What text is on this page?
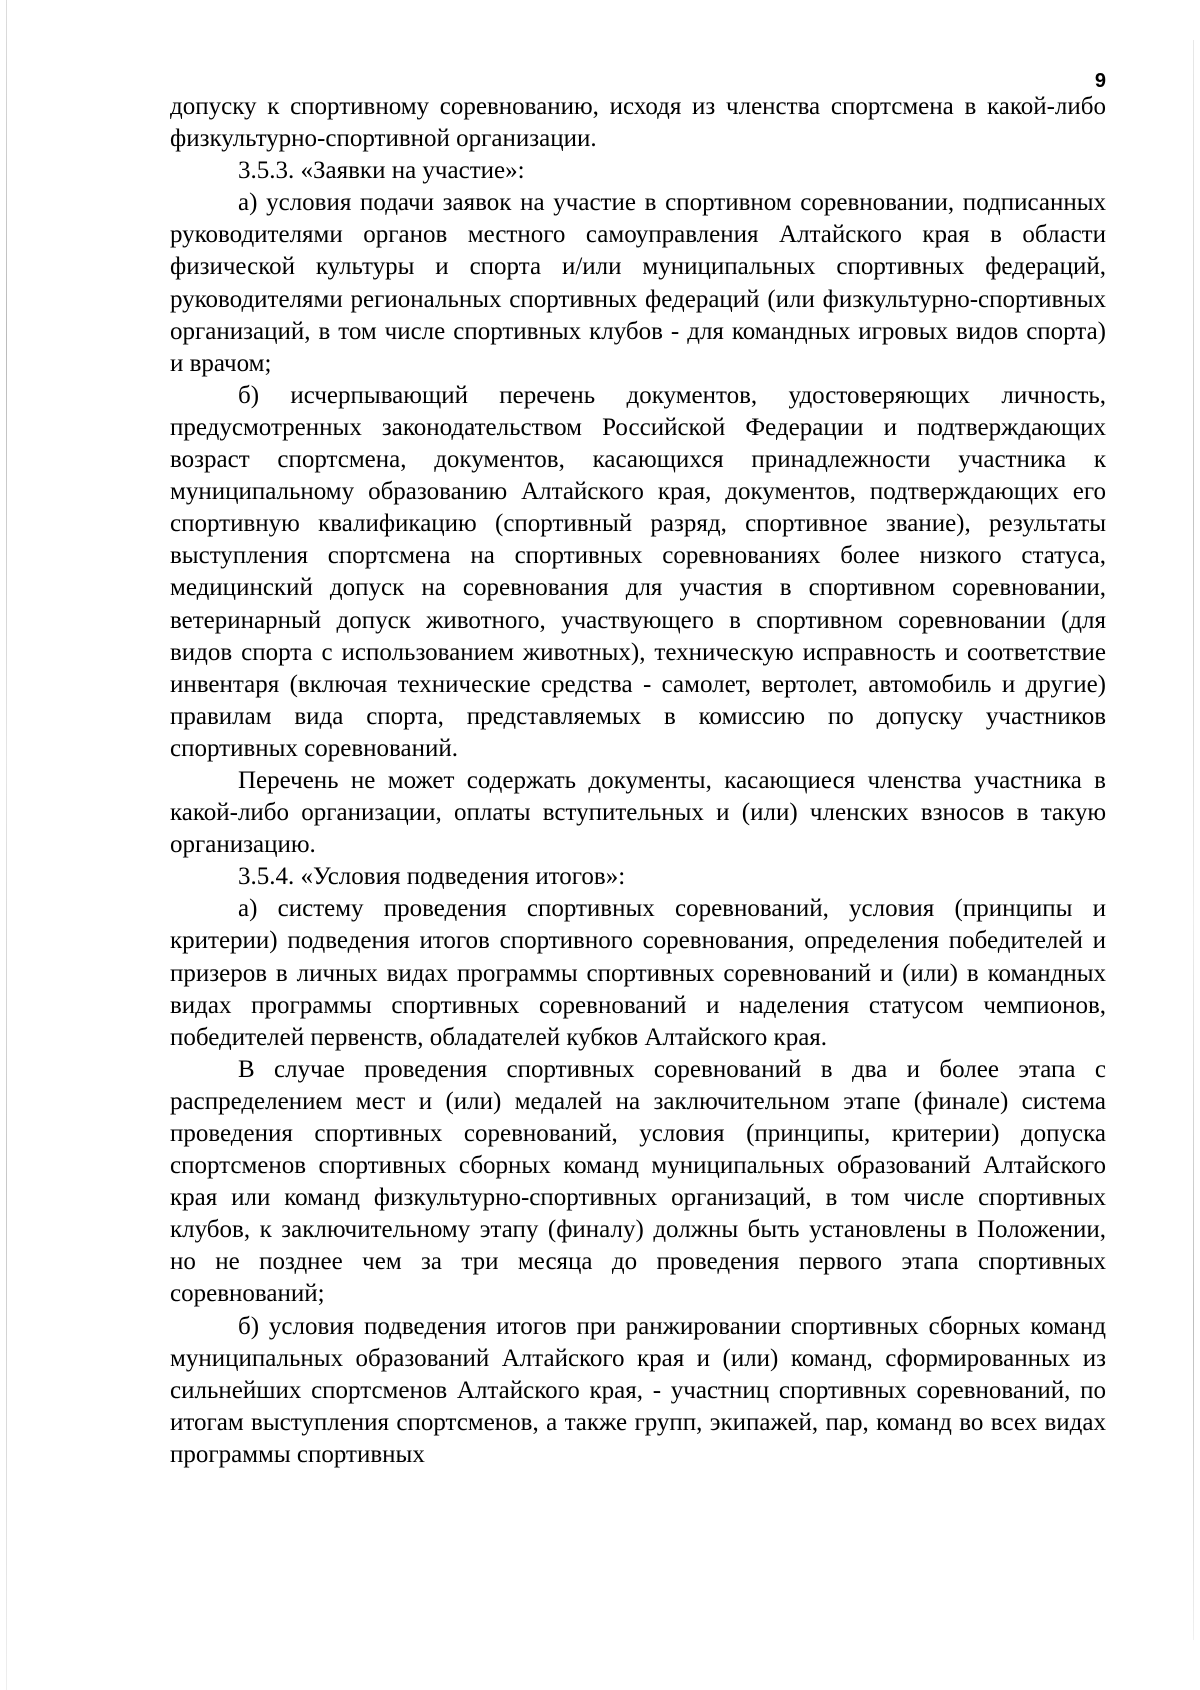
9

допуску к спортивному соревнованию, исходя из членства спортсмена в какой-либо физкультурно-спортивной организации.

3.5.3. «Заявки на участие»:

а) условия подачи заявок на участие в спортивном соревновании, подписанных руководителями органов местного самоуправления Алтайского края в области физической культуры и спорта и/или муниципальных спортивных федераций, руководителями региональных спортивных федераций (или физкультурно-спортивных организаций, в том числе спортивных клубов - для командных игровых видов спорта) и врачом;

б) исчерпывающий перечень документов, удостоверяющих личность, предусмотренных законодательством Российской Федерации и подтверждающих возраст спортсмена, документов, касающихся принадлежности участника к муниципальному образованию Алтайского края, документов, подтверждающих его спортивную квалификацию (спортивный разряд, спортивное звание), результаты выступления спортсмена на спортивных соревнованиях более низкого статуса, медицинский допуск на соревнования для участия в спортивном соревновании, ветеринарный допуск животного, участвующего в спортивном соревновании (для видов спорта с использованием животных), техническую исправность и соответствие инвентаря (включая технические средства - самолет, вертолет, автомобиль и другие) правилам вида спорта, представляемых в комиссию по допуску участников спортивных соревнований.

Перечень не может содержать документы, касающиеся членства участника в какой-либо организации, оплаты вступительных и (или) членских взносов в такую организацию.

3.5.4. «Условия подведения итогов»:

а) систему проведения спортивных соревнований, условия (принципы и критерии) подведения итогов спортивного соревнования, определения победителей и призеров в личных видах программы спортивных соревнований и (или) в командных видах программы спортивных соревнований и наделения статусом чемпионов, победителей первенств, обладателей кубков Алтайского края.

В случае проведения спортивных соревнований в два и более этапа с распределением мест и (или) медалей на заключительном этапе (финале) система проведения спортивных соревнований, условия (принципы, критерии) допуска спортсменов спортивных сборных команд муниципальных образований Алтайского края или команд физкультурно-спортивных организаций, в том числе спортивных клубов, к заключительному этапу (финалу) должны быть установлены в Положении, но не позднее чем за три месяца до проведения первого этапа спортивных соревнований;

б) условия подведения итогов при ранжировании спортивных сборных команд муниципальных образований Алтайского края и (или) команд, сформированных из сильнейших спортсменов Алтайского края, - участниц спортивных соревнований, по итогам выступления спортсменов, а также групп, экипажей, пар, команд во всех видах программы спортивных
